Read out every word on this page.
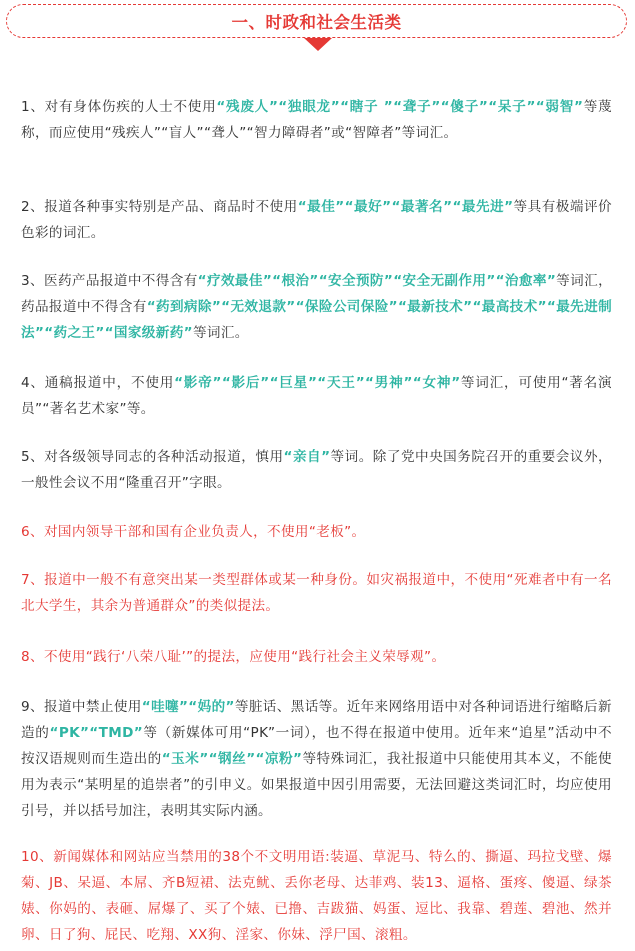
一、时政和社会生活类

1、对有身体伤疾的人士不使用“残废人”“独眼龙”“瞎子 ”“聋子”“傻子”“呆子”“弱智”等蔑称，而应使用“残疾人”“盲人”“聋人”“智力障碍者”或“智障者”等词汇。

2、报道各种事实特别是产品、商品时不使用“最佳”“最好”“最著名”“最先进”等具有极端评价色彩的词汇。

3、医药产品报道中不得含有“疗效最佳”“根治”“安全预防”“安全无副作用”“治愈率”等词汇，药品报道中不得含有“药到病除”“无效退款”“保险公司保险”“最新技术”“最高技术”“最先进制法”“药之王”“国家级新药”等词汇。

4、通稿报道中，不使用“影帝”“影后”“巨星”“天王”“男神”“女神”等词汇，可使用“著名演员”“著名艺术家”等。

5、对各级领导同志的各种活动报道，慎用“亲自”等词。除了党中央国务院召开的重要会议外，一般性会议不用“隆重召开”字眼。

6、对国内领导干部和国有企业负责人，不使用“老板”。

7、报道中一般不有意突出某一类型群体或某一种身份。如灾祸报道中，不使用“死难者中有一名北大学生，其余为普通群众”的类似提法。

8、不使用“践行‘八荣八耻’”的提法，应使用“践行社会主义荣辱观”。

9、报道中禁止使用“哇噻”“妈的”等脏话、黑话等。近年来网络用语中对各种词语进行缩略后新造的“PK”“TMD”等（新媒体可用“PK”一词），也不得在报道中使用。近年来“追星”活动中不按汉语规则而生造出的“玉米”“钢丝”“凉粉”等特殊词汇，我社报道中只能使用其本义，不能使用为表示“某明星的追崇者”的引申义。如果报道中因引用需要，无法回避这类词汇时，均应使用引号，并以括号加注，表明其实际内涵。

10、新闻媒体和网站应当禁用的38个不文明用语:装逼、草泥马、特么的、撕逼、玛拉戈壁、爆菊、JB、呆逼、本屌、齐B短裙、法克鱿、丢你老母、达菲鸡、装13、逼格、蛋疼、傻逼、绿茶婊、你妈的、表砸、屌爆了、买了个婊、已撸、吉跋猫、妈蛋、逗比、我靠、碧莲、碧池、然并卵、日了狗、屁民、吃翔、XX狗、淫家、你妹、浮尸国、滚粗。
